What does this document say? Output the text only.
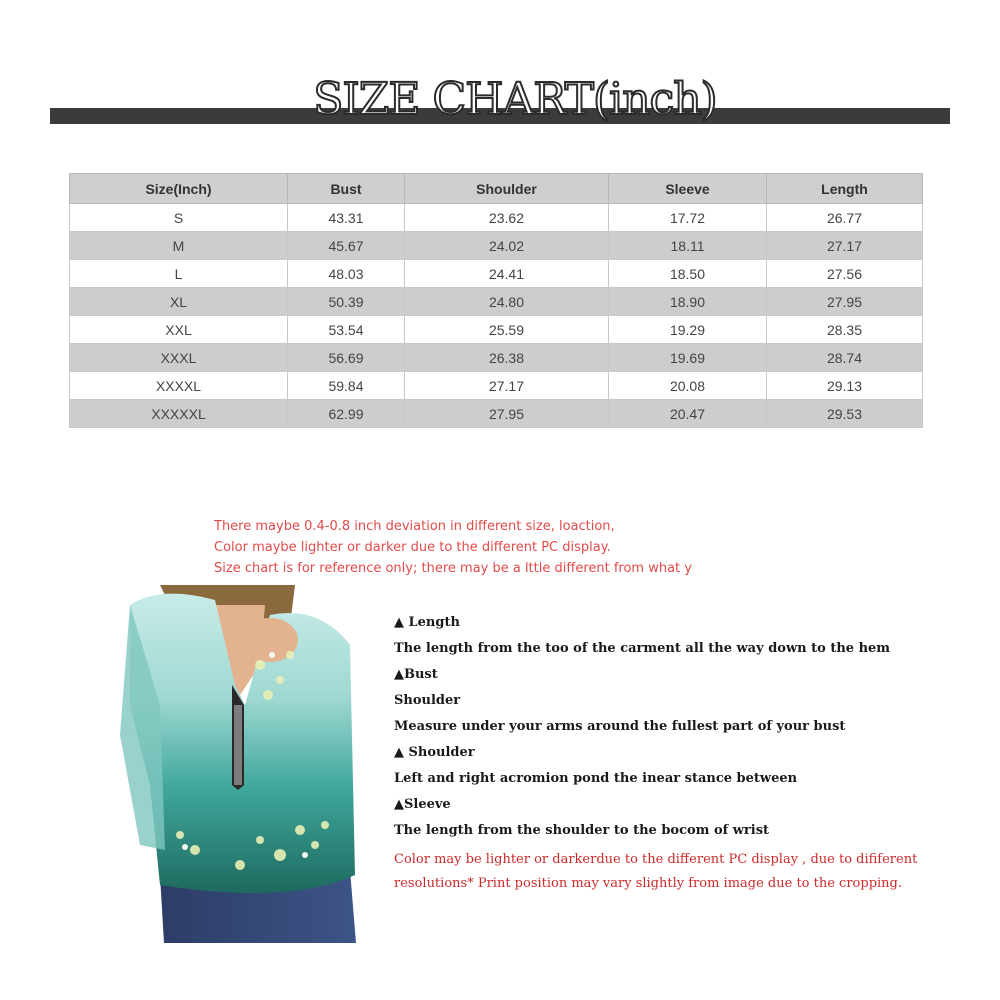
SIZE CHART(inch)
Size(Inch)	Bust	Shoulder	Sleeve	Length
S	43.31	23.62	17.72	26.77
M	45.67	24.02	18.11	27.17
L	48.03	24.41	18.50	27.56
XL	50.39	24.80	18.90	27.95
XXL	53.54	25.59	19.29	28.35
XXXL	56.69	26.38	19.69	28.74
XXXXL	59.84	27.17	20.08	29.13
XXXXXL	62.99	27.95	20.47	29.53
There maybe 0.4-0.8 inch deviation in different size, loaction,
Color maybe lighter or darker due to the different PC display.
Size chart is for reference only; there may be a lttle different from what y
▲ Length
The length from the too of the carment all the way down to the hem
▲Bust
Shoulder
Measure under your arms around the fullest part of your bust
▲ Shoulder
Left and right acromion pond the inear stance between
▲Sleeve
The length from the shoulder to the bocom of wrist
Color may be lighter or darkerdue to the different PC display , due to dififerent
resolutions* Print position may vary slightly from image due to the cropping.
